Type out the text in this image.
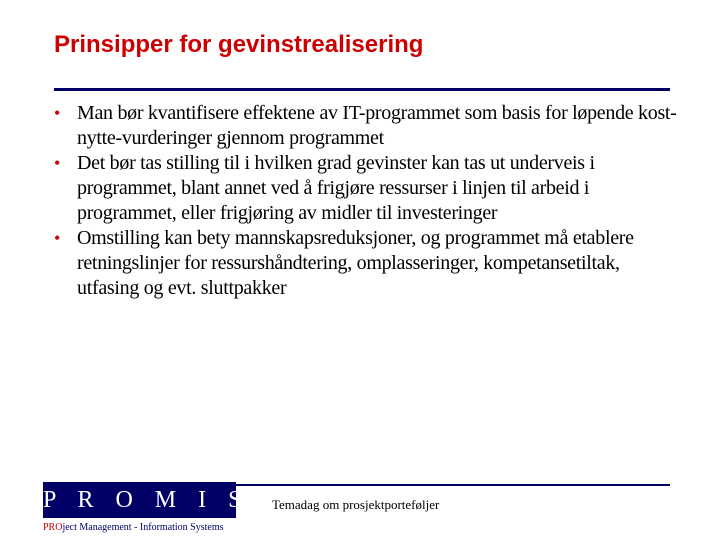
Prinsipper for gevinstrealisering
• Man bør kvantifisere effektene av IT-programmet som basis for løpende kost-nytte-vurderinger gjennom programmet
• Det bør tas stilling til i hvilken grad gevinster kan tas ut underveis i programmet, blant annet ved å frigjøre ressurser i linjen til arbeid i programmet, eller frigjøring av midler til investeringer
• Omstilling kan bety mannskapsreduksjoner, og programmet må etablere retningslinjer for ressurshåndtering, omplasseringer, kompetansetiltak, utfasing og evt. sluttpakker
P R O M I S
PROject Management - Information Systems
Temadag om prosjektporteføljer
